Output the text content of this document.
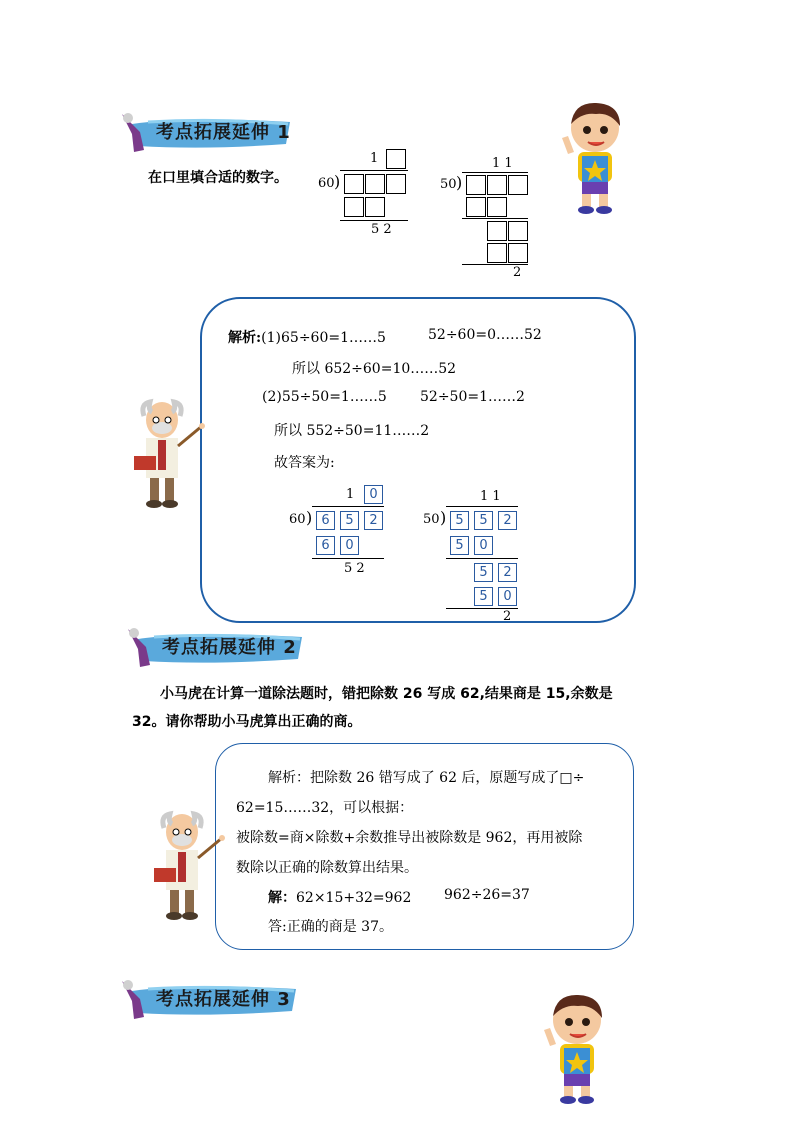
考点拓展延伸 1
在口里填合适的数字。
1
60 )
5 2
1 1
50 )
2
解析:(1)65÷60=1……5	52÷60=0……52
所以 652÷60=10……52
(2)55÷50=1……5 52÷50=1……2
所以 552÷50=11……2
故答案为:
1	0
60 ) 6	5	2
6	0
5 2
1 1
50 ) 5	5	2
5	0
5	2
5	0
2
考点拓展延伸 2
小马虎在计算一道除法题时，错把除数 26 写成 62,结果商是 15,余数是
32。请你帮助小马虎算出正确的商。
解析：把除数 26 错写成了 62 后，原题写成了□÷
62=15……32，可以根据：
被除数=商×除数+余数推导出被除数是 962，再用被除
数除以正确的除数算出结果。
解：62×15+32=962 962÷26=37
答:正确的商是 37。
考点拓展延伸 3
